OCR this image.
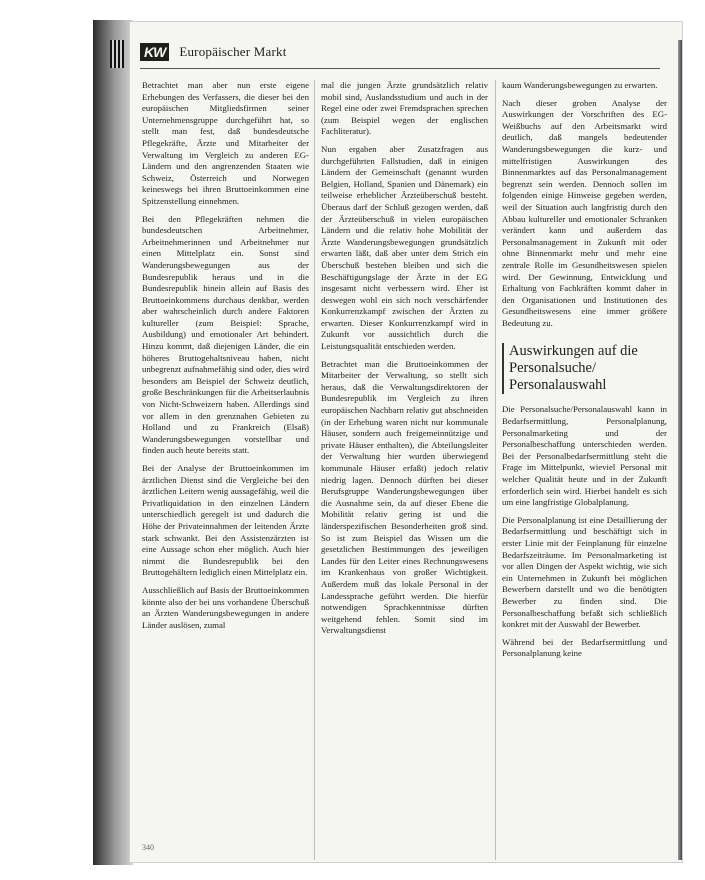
KW	Europäischer Markt

Betrachtet man aber nun erste eigene Erhebungen des Verfassers, die dieser bei den europäischen Mitgliedsfirmen seiner Unternehmensgruppe durchgeführt hat, so stellt man fest, daß bundesdeutsche Pflegekräfte, Ärzte und Mitarbeiter der Verwaltung im Vergleich zu anderen EG-Ländern und den angrenzenden Staaten wie Schweiz, Österreich und Norwegen keineswegs bei ihren Bruttoeinkommen eine Spitzenstellung einnehmen.

Bei den Pflegekräften nehmen die bundesdeutschen Arbeitnehmer, Arbeitnehmerinnen und Arbeitnehmer nur einen Mittelplatz ein. Sonst sind Wanderungsbewegungen aus der Bundesrepublik heraus und in die Bundesrepublik hinein allein auf Basis des Bruttoeinkommens durchaus denkbar, werden aber wahrscheinlich durch andere Faktoren kultureller (zum Beispiel: Sprache, Ausbildung) und emotionaler Art behindert. Hinzu kommt, daß diejenigen Länder, die ein höheres Bruttogehaltsniveau haben, nicht unbegrenzt aufnahmefähig sind oder, dies wird besonders am Beispiel der Schweiz deutlich, große Beschränkungen für die Arbeitserlaubnis von Nicht-Schweizern haben. Allerdings sind vor allem in den grenznahen Gebieten zu Holland und zu Frankreich (Elsaß) Wanderungsbewegungen vorstellbar und finden auch heute bereits statt.

Bei der Analyse der Bruttoeinkommen im ärztlichen Dienst sind die Vergleiche bei den ärztlichen Leitern wenig aussagefähig, weil die Privatliquidation in den einzelnen Ländern unterschiedlich geregelt ist und dadurch die Höhe der Privateinnahmen der leitenden Ärzte stark schwankt. Bei den Assistenzärzten ist eine Aussage schon eher möglich. Auch hier nimmt die Bundesrepublik bei den Bruttogehältern lediglich einen Mittelplatz ein.

Ausschließlich auf Basis der Bruttoeinkommen könnte also der bei uns vorhandene Überschuß an Ärzten Wanderungsbewegungen in andere Länder auslösen, zumal

mal die jungen Ärzte grundsätzlich relativ mobil sind, Auslandsstudium und auch in der Regel eine oder zwei Fremdsprachen sprechen (zum Beispiel wegen der englischen Fachliteratur).

Nun ergaben aber Zusatzfragen aus durchgeführten Fallstudien, daß in einigen Ländern der Gemeinschaft (genannt wurden Belgien, Holland, Spanien und Dänemark) ein teilweise erheblicher Ärzteüberschuß besteht. Überaus darf der Schluß gezogen werden, daß der Ärzteüberschuß in vielen europäischen Ländern und die relativ hohe Mobilität der Ärzte Wanderungsbewegungen grundsätzlich erwarten läßt, daß aber unter dem Strich ein Überschuß bestehen bleiben und sich die Beschäftigungslage der Ärzte in der EG insgesamt nicht verbessern wird. Eher ist deswegen wohl ein sich noch verschärfender Konkurrenzkampf zwischen der Ärzten zu erwarten. Dieser Konkurrenzkampf wird in Zukunft vor aussichtlich durch die Leistungsqualität entschieden werden.

Betrachtet man die Bruttoeinkommen der Mitarbeiter der Verwaltung, so stellt sich heraus, daß die Verwaltungsdirektoren der Bundesrepublik im Vergleich zu ihren europäischen Nachbarn relativ gut abschneiden (in der Erhebung waren nicht nur kommunale Häuser, sondern auch freigemeinnützige und private Häuser enthalten), die Abteilungsleiter der Verwaltung hier wurden überwiegend kommunale Häuser erfaßt) jedoch relativ niedrig lagen. Dennoch dürften bei dieser Berufsgruppe Wanderungsbewegungen über die Ausnahme sein, da auf dieser Ebene die Mobilität relativ gering ist und die länderspezifischen Besonderheiten groß sind. So ist zum Beispiel das Wissen um die gesetzlichen Bestimmungen des jeweiligen Landes für den Leiter eines Rechnungswesens im Krankenhaus von großer Wichtigkeit. Außerdem muß das lokale Personal in der Landessprache geführt werden. Die hierfür notwendigen Sprachkenntnisse dürften weitgehend fehlen. Somit sind im Verwaltungsdienst

kaum Wanderungsbewegungen zu erwarten.

Nach dieser groben Analyse der Auswirkungen der Vorschriften des EG-Weißbuchs auf den Arbeitsmarkt wird deutlich, daß mangels bedeutender Wanderungsbewegungen die kurz- und mittelfristigen Auswirkungen des Binnenmarktes auf das Personalmanagement begrenzt sein werden. Dennoch sollen im folgenden einige Hinweise gegeben werden, weil der Situation auch langfristig durch den Abbau kultureller und emotionaler Schranken verändert kann und außerdem das Personalmanagement in Zukunft mit oder ohne Binnenmarkt mehr und mehr eine zentrale Rolle im Gesundheitswesen spielen wird. Der Gewinnung, Entwicklung und Erhaltung von Fachkräften kommt daher in den Organisationen und Institutionen des Gesundheitswesens eine immer größere Bedeutung zu.

Auswirkungen auf die Personalsuche/ Personalauswahl

Die Personalsuche/Personalauswahl kann in Bedarfsermittlung, Personalplanung, Personalmarketing und der Personalbeschaffung unterschieden werden. Bei der Personalbedarfsermittlung steht die Frage im Mittelpunkt, wieviel Personal mit welcher Qualität heute und in der Zukunft erforderlich sein wird. Hierbei handelt es sich um eine langfristige Globalplanung.

Die Personalplanung ist eine Detaillierung der Bedarfsermittlung und beschäftigt sich in erster Linie mit der Feinplanung für einzelne Bedarfszeiträume. Im Personalmarketing ist vor allen Dingen der Aspekt wichtig, wie sich ein Unternehmen in Zukunft bei möglichen Bewerbern darstellt und wo die benötigten Bewerber zu finden sind. Die Personalbeschaffung befaßt sich schließlich konkret mit der Auswahl der Bewerber.

Während bei der Bedarfsermittlung und Personalplanung keine

340
